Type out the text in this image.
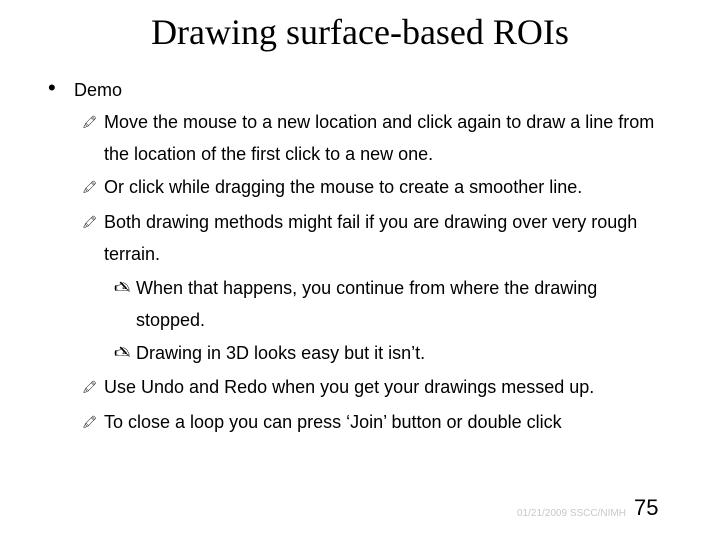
Drawing surface-based ROIs
• Demo
🖍 Move the mouse to a new location and click again to draw a line from the location of the first click to a new one.
🖍 Or click while dragging the mouse to create a smoother line.
🖍 Both drawing methods might fail if you are drawing over very rough terrain.
🖎 When that happens, you continue from where the drawing stopped.
🖎 Drawing in 3D looks easy but it isn’t.
🖍 Use Undo and Redo when you get your drawings messed up.
🖍 To close a loop you can press ‘Join’ button or double click
01/21/2009 SSCC/NIMH 75
